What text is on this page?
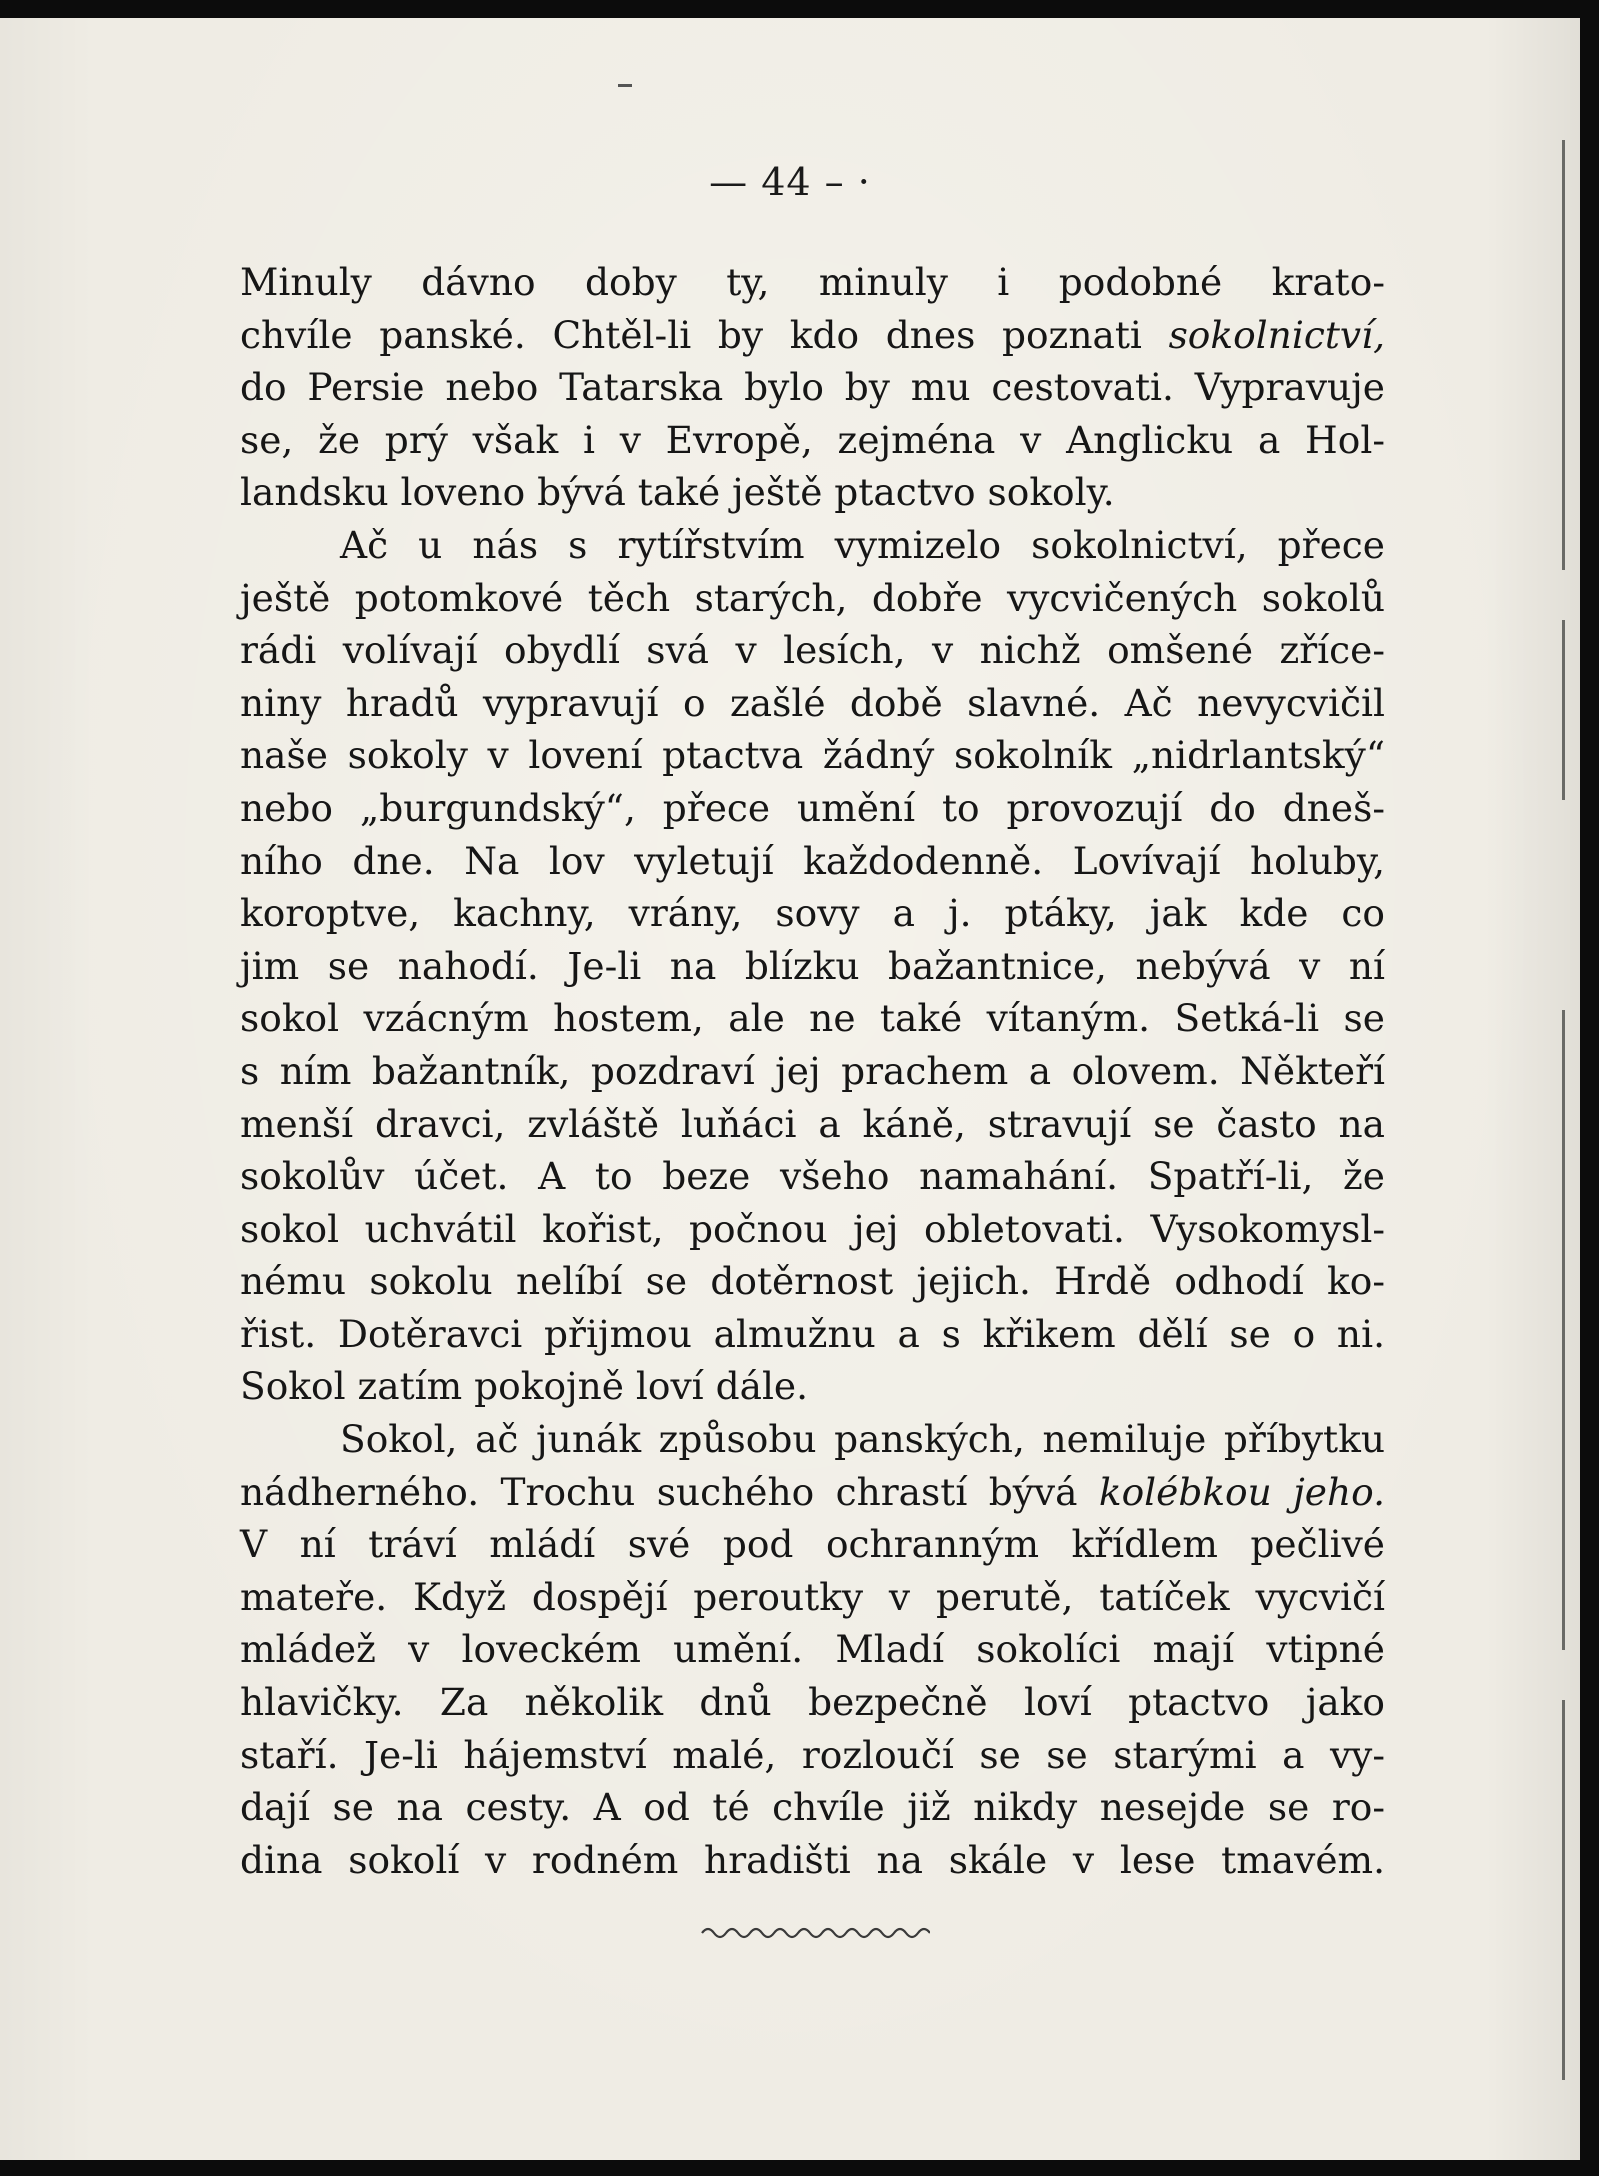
— 44 – ·
Minuly dávno doby ty, minuly i podobné krato-
chvíle panské. Chtěl-li by kdo dnes poznati sokolnictví,
do Persie nebo Tatarska bylo by mu cestovati. Vypravuje
se, že prý však i v Evropě, zejména v Anglicku a Hol-
landsku loveno bývá také ještě ptactvo sokoly.
Ač u nás s rytířstvím vymizelo sokolnictví, přece
ještě potomkové těch starých, dobře vycvičených sokolů
rádi volívají obydlí svá v lesích, v nichž omšené zříce-
niny hradů vypravují o zašlé době slavné. Ač nevycvičil
naše sokoly v lovení ptactva žádný sokolník „nidrlantský“
nebo „burgundský“, přece umění to provozují do dneš-
ního dne. Na lov vyletují každodenně. Lovívají holuby,
koroptve, kachny, vrány, sovy a j. ptáky, jak kde co
jim se nahodí. Je-li na blízku bažantnice, nebývá v ní
sokol vzácným hostem, ale ne také vítaným. Setká-li se
s ním bažantník, pozdraví jej prachem a olovem. Někteří
menší dravci, zvláště luňáci a káně, stravují se často na
sokolův účet. A to beze všeho namahání. Spatří-li, že
sokol uchvátil kořist, počnou jej obletovati. Vysokomysl-
nému sokolu nelíbí se dotěrnost jejich. Hrdě odhodí ko-
řist. Dotěravci přijmou almužnu a s křikem dělí se o ni.
Sokol zatím pokojně loví dále.
Sokol, ač junák způsobu panských, nemiluje příbytku
nádherného. Trochu suchého chrastí bývá kolébkou jeho.
V ní tráví mládí své pod ochranným křídlem pečlivé
mateře. Když dospějí peroutky v perutě, tatíček vycvičí
mládež v loveckém umění. Mladí sokolíci mají vtipné
hlavičky. Za několik dnů bezpečně loví ptactvo jako
staří. Je-li hájemství malé, rozloučí se se starými a vy-
dají se na cesty. A od té chvíle již nikdy nesejde se ro-
dina sokolí v rodném hradišti na skále v lese tmavém.
